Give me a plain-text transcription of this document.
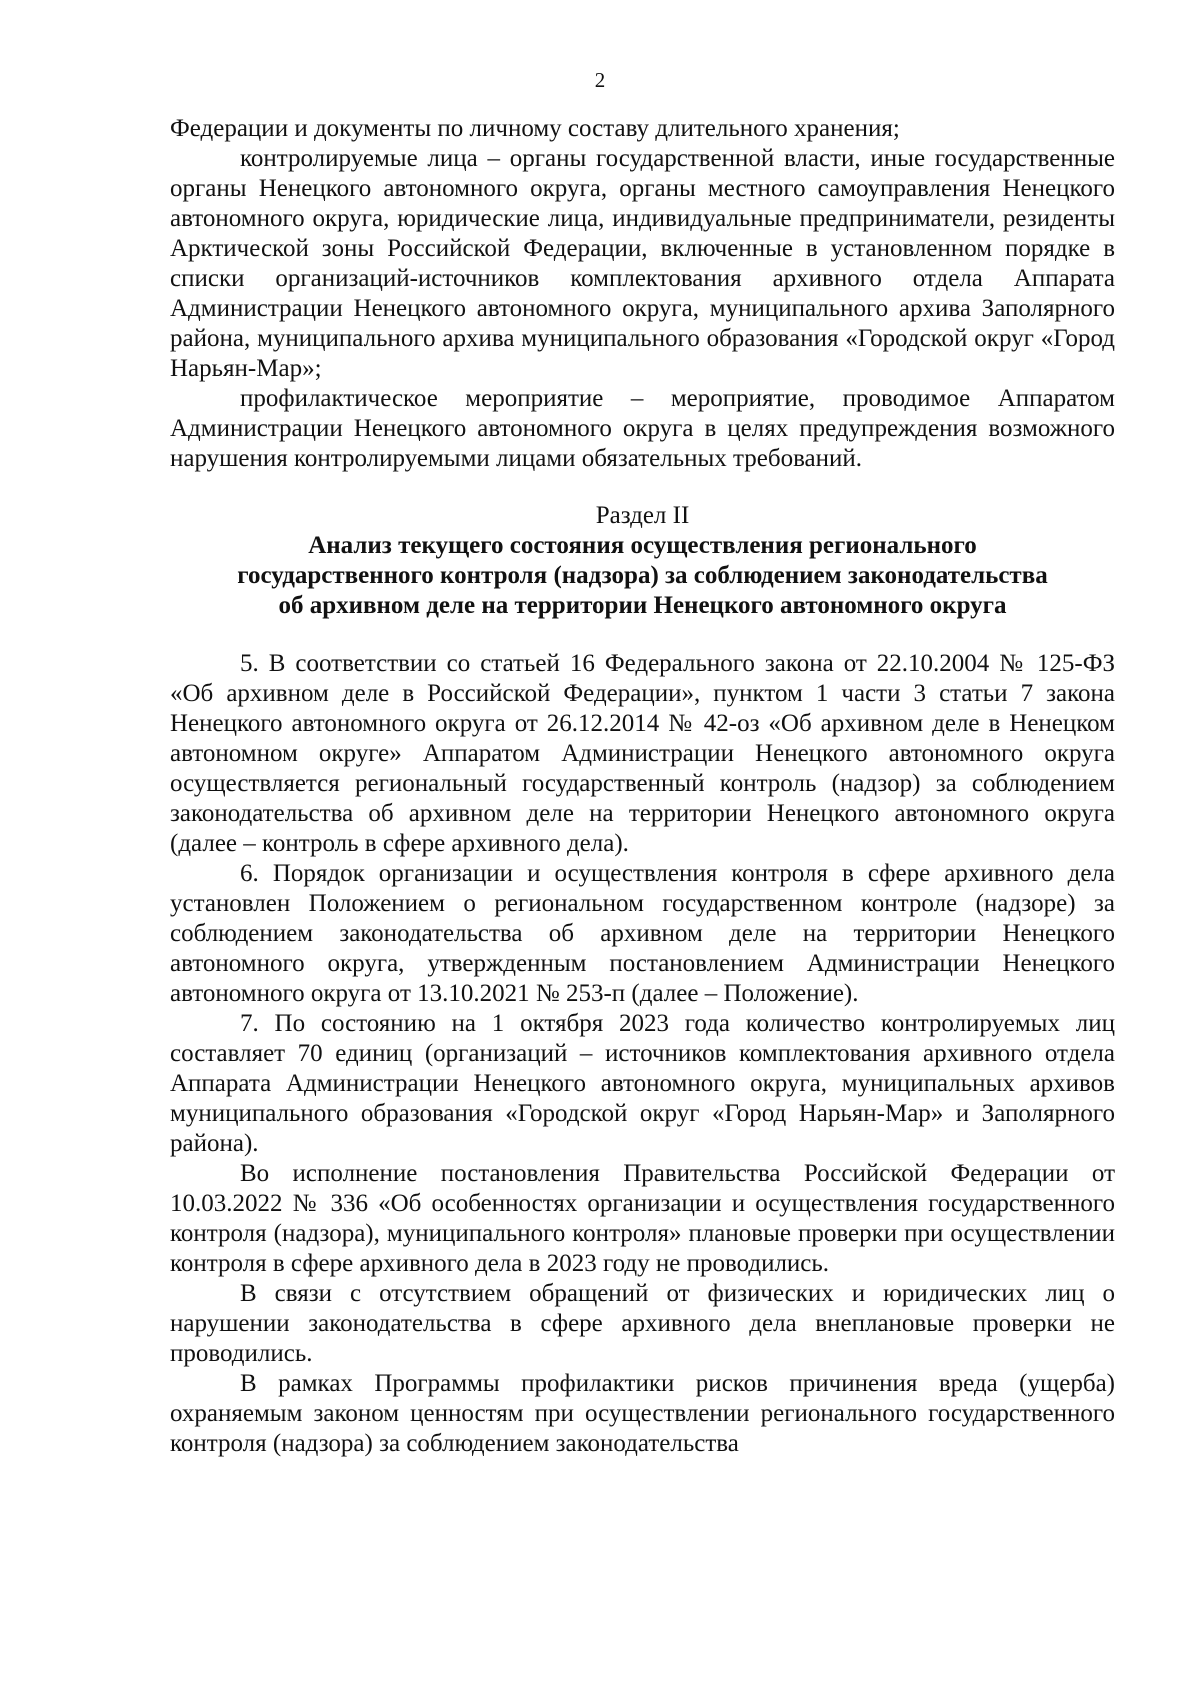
2

Федерации и документы по личному составу длительного хранения;

контролируемые лица – органы государственной власти, иные государственные органы Ненецкого автономного округа, органы местного самоуправления Ненецкого автономного округа, юридические лица, индивидуальные предприниматели, резиденты Арктической зоны Российской Федерации, включенные в установленном порядке в списки организаций-источников комплектования архивного отдела Аппарата Администрации Ненецкого автономного округа, муниципального архива Заполярного района, муниципального архива муниципального образования «Городской округ «Город Нарьян-Мар»;

профилактическое мероприятие – мероприятие, проводимое Аппаратом Администрации Ненецкого автономного округа в целях предупреждения возможного нарушения контролируемыми лицами обязательных требований.

Раздел II
Анализ текущего состояния осуществления регионального
государственного контроля (надзора) за соблюдением законодательства
об архивном деле на территории Ненецкого автономного округа

5. В соответствии со статьей 16 Федерального закона от 22.10.2004 № 125-ФЗ «Об архивном деле в Российской Федерации», пунктом 1 части 3 статьи 7 закона Ненецкого автономного округа от 26.12.2014 № 42-оз «Об архивном деле в Ненецком автономном округе» Аппаратом Администрации Ненецкого автономного округа осуществляется региональный государственный контроль (надзор) за соблюдением законодательства об архивном деле на территории Ненецкого автономного округа (далее – контроль в сфере архивного дела).

6. Порядок организации и осуществления контроля в сфере архивного дела установлен Положением о региональном государственном контроле (надзоре) за соблюдением законодательства об архивном деле на территории Ненецкого автономного округа, утвержденным постановлением Администрации Ненецкого автономного округа от 13.10.2021 № 253-п (далее – Положение).

7. По состоянию на 1 октября 2023 года количество контролируемых лиц составляет 70 единиц (организаций – источников комплектования архивного отдела Аппарата Администрации Ненецкого автономного округа, муниципальных архивов муниципального образования «Городской округ «Город Нарьян-Мар» и Заполярного района).

Во исполнение постановления Правительства Российской Федерации от 10.03.2022 № 336 «Об особенностях организации и осуществления государственного контроля (надзора), муниципального контроля» плановые проверки при осуществлении контроля в сфере архивного дела в 2023 году не проводились.

В связи с отсутствием обращений от физических и юридических лиц о нарушении законодательства в сфере архивного дела внеплановые проверки не проводились.

В рамках Программы профилактики рисков причинения вреда (ущерба) охраняемым законом ценностям при осуществлении регионального государственного контроля (надзора) за соблюдением законодательства
